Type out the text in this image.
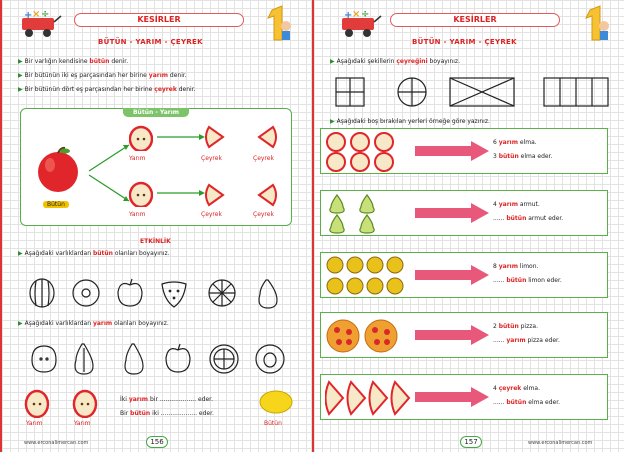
+ × ÷	KESİRLER
BÜTÜN - YARIM - ÇEYREK
▶ Bir varlığın kendisine bütün denir.
▶ Bir bütünün iki eş parçasından her birine yarım denir.
▶ Bir bütünün dört eş parçasından her birine çeyrek denir.
Bütün - Yarım
Bütün
Yarım
Yarım
Çeyrek	Çeyrek
Çeyrek	Çeyrek
ETKİNLİK
▶ Aşağıdaki varlıklardan bütün olanları boyayınız.
▶ Aşağıdaki varlıklardan yarım olanları boyayınız.
Yarım	Yarım
İki yarım bir ................... eder.
Bir bütün iki ................... eder.
Bütün
www.erconalimercan.com	156
+ × ÷	KESİRLER
BÜTÜN - YARIM - ÇEYREK
▶ Aşağıdaki şekillerin çeyreğini boyayınız.
▶ Aşağıdaki boş bırakılan yerleri örneğe göre yazınız.
6 yarım elma.
3 bütün elma eder.
4 yarım armut.
...... bütün armut eder.
8 yarım limon.
...... bütün limon eder.
2 bütün pizza.
...... yarım pizza eder.
4 çeyrek elma.
...... bütün elma eder.
157	www.erconalimercan.com
